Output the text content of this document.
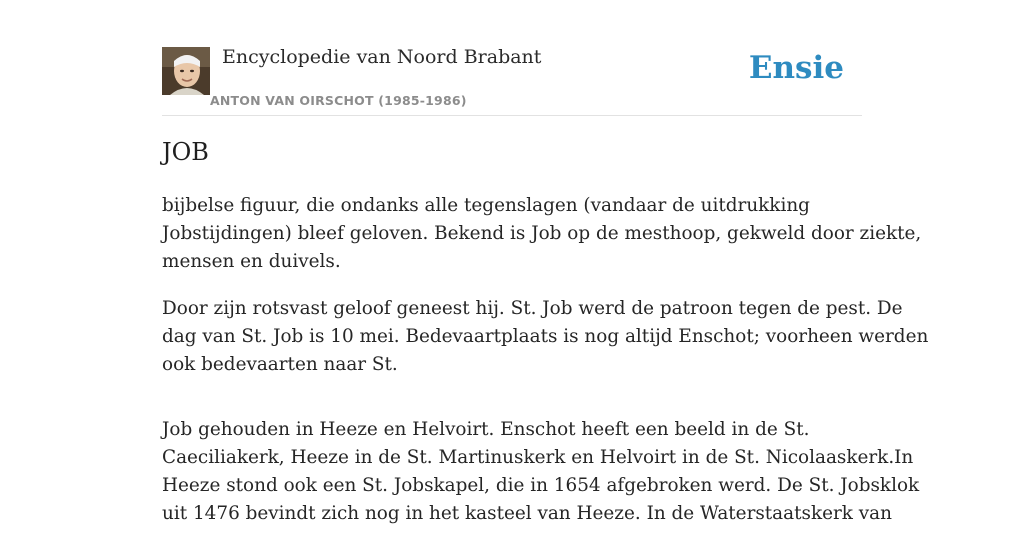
Encyclopedie van Noord Brabant
ANTON VAN OIRSCHOT (1985-1986)
Ensie
JOB

bijbelse figuur, die ondanks alle tegenslagen (vandaar de uitdrukking
Jobstijdingen) bleef geloven. Bekend is Job op de mesthoop, gekweld door ziekte,
mensen en duivels.

Door zijn rotsvast geloof geneest hij. St. Job werd de patroon tegen de pest. De
dag van St. Job is 10 mei. Bedevaartplaats is nog altijd Enschot; voorheen werden
ook bedevaarten naar St.

Job gehouden in Heeze en Helvoirt. Enschot heeft een beeld in de St.
Caeciliakerk, Heeze in de St. Martinuskerk en Helvoirt in de St. Nicolaaskerk.In
Heeze stond ook een St. Jobskapel, die in 1654 afgebroken werd. De St. Jobsklok
uit 1476 bevindt zich nog in het kasteel van Heeze. In de Waterstaatskerk van
